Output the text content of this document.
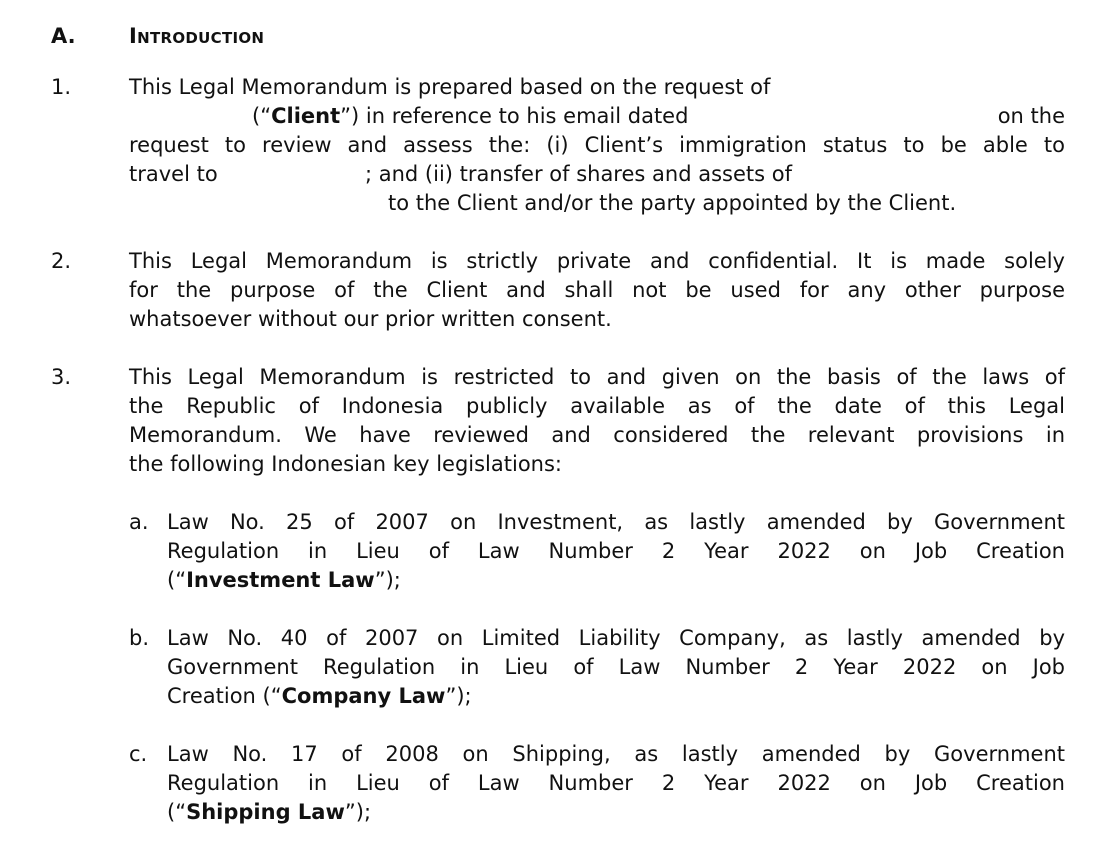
A.	Introduction
1.	This Legal Memorandum is prepared based on the request of
(“Client”) in reference to his email dated	on the
request to review and assess the: (i) Client’s immigration status to be able to
travel to	; and (ii) transfer of shares and assets of
to the Client and/or the party appointed by the Client.
2.	This Legal Memorandum is strictly private and confidential. It is made solely
for the purpose of the Client and shall not be used for any other purpose
whatsoever without our prior written consent.
3.	This Legal Memorandum is restricted to and given on the basis of the laws of
the Republic of Indonesia publicly available as of the date of this Legal
Memorandum. We have reviewed and considered the relevant provisions in
the following Indonesian key legislations:
a. Law No. 25 of 2007 on Investment, as lastly amended by Government
Regulation in Lieu of Law Number 2 Year 2022 on Job Creation
(“Investment Law”);
b. Law No. 40 of 2007 on Limited Liability Company, as lastly amended by
Government Regulation in Lieu of Law Number 2 Year 2022 on Job
Creation (“Company Law”);
c. Law No. 17 of 2008 on Shipping, as lastly amended by Government
Regulation in Lieu of Law Number 2 Year 2022 on Job Creation
(“Shipping Law”);
